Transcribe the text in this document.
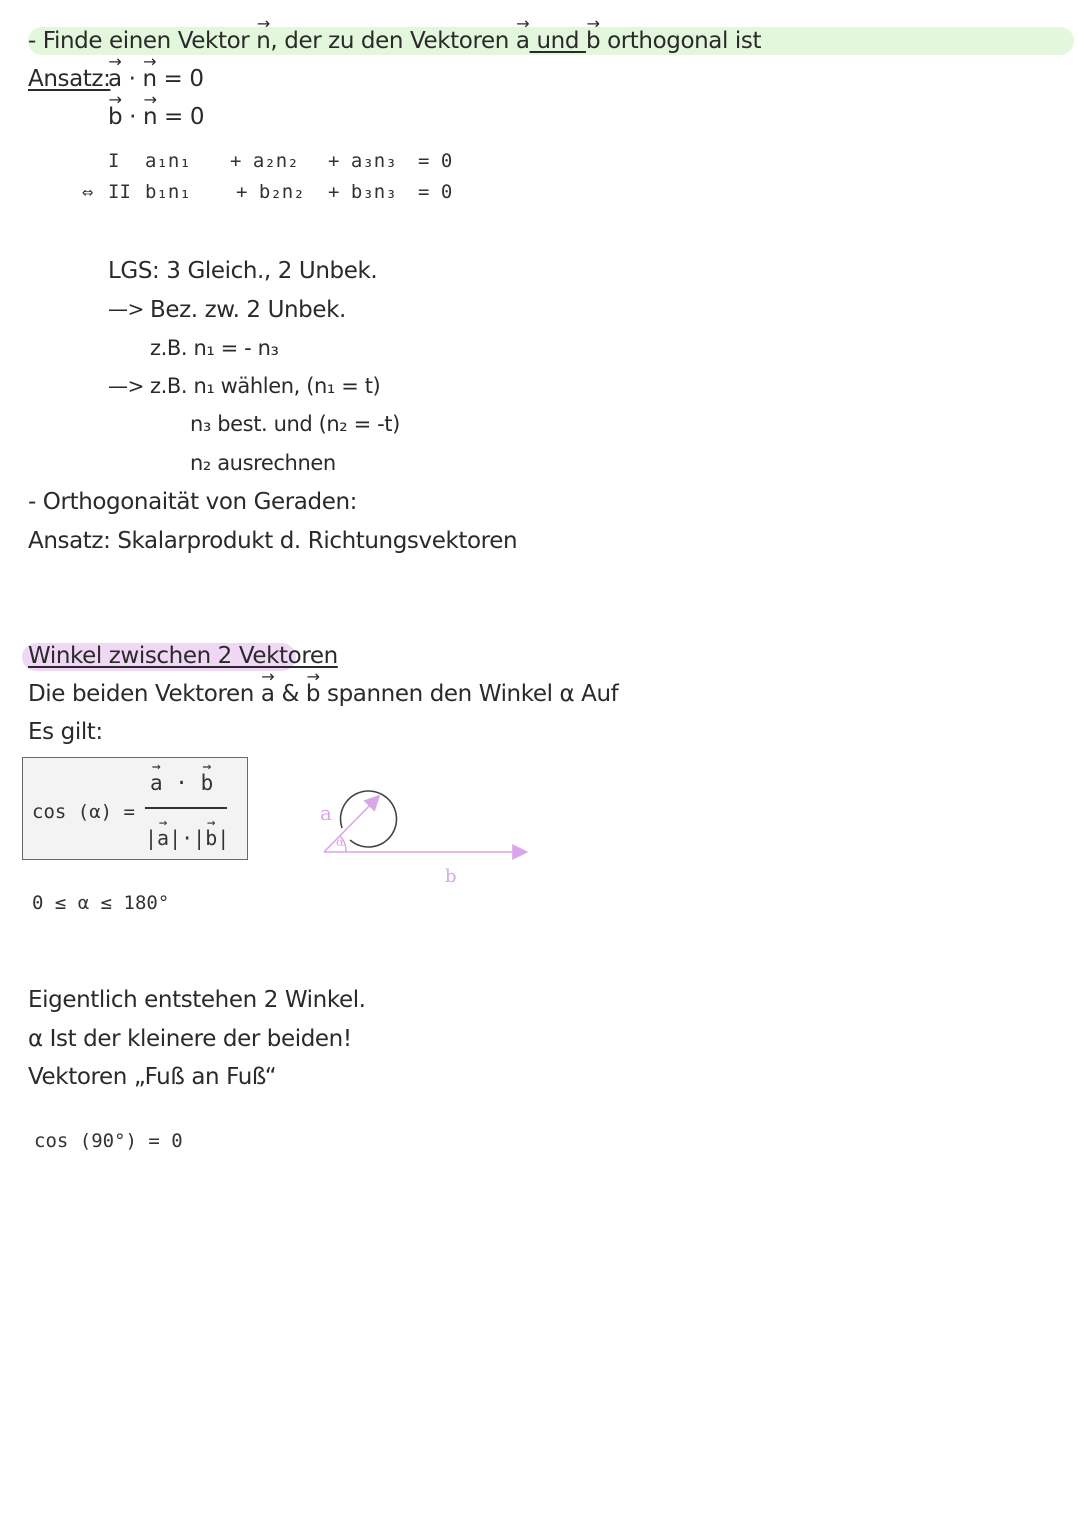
- Finde einen Vektor → n, der zu den Vektoren → a und → b orthogonal ist
Ansatz:
→ a · → n = 0
→ b · → n = 0
I a₁n₁ + a₂n₂ + a₃n₃ = 0
⇔ II b₁n₁ + b₂n₂ + b₃n₃ = 0
LGS: 3 Gleich., 2 Unbek.
—> Bez. zw. 2 Unbek.
z.B. n₁ = - n₃
—> z.B. n₁ wählen, (n₁ = t)
n₃ best. und (n₂ = -t)
n₂ ausrechnen
- Orthogonaität von Geraden:
Ansatz: Skalarprodukt d. Richtungsvektoren
Winkel zwischen 2 Vektoren
Die beiden Vektoren → a & → b spannen den Winkel α Auf
Es gilt:
cos (α) =
→ a · → b
→ |a|·→ |b|
a
b
α
0 ≤ α ≤ 180°
Eigentlich entstehen 2 Winkel.
α Ist der kleinere der beiden!
Vektoren „Fuß an Fuß“
cos (90°) = 0
